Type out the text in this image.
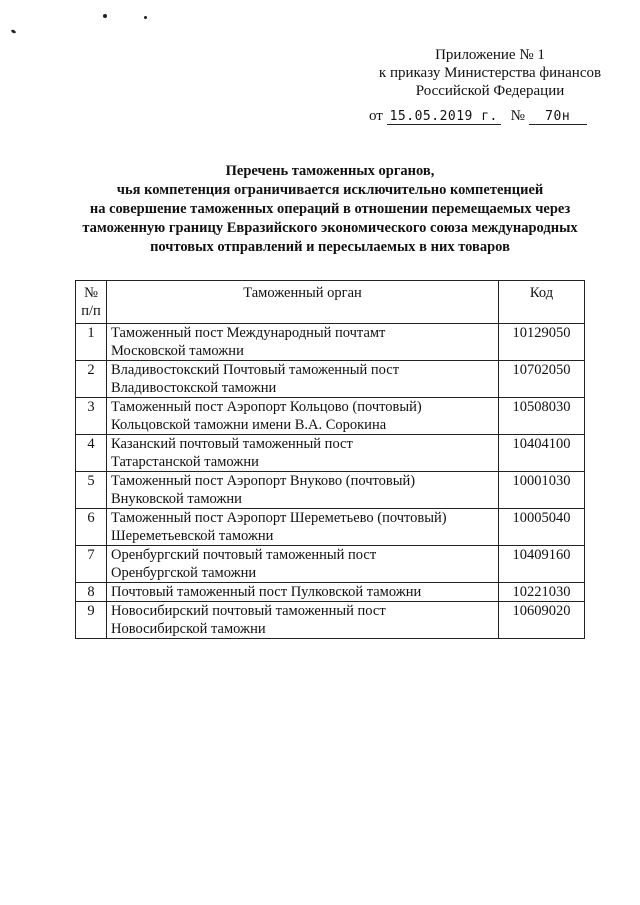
Приложение № 1
к приказу Министерства финансов
Российской Федерации
от 15.05.2019 г. № 70н
Перечень таможенных органов,
чья компетенция ограничивается исключительно компетенцией
на совершение таможенных операций в отношении перемещаемых через
таможенную границу Евразийского экономического союза международных
почтовых отправлений и пересылаемых в них товаров
№
п/п	Таможенный орган	Код
1	Таможенный пост Международный почтамт
Московской таможни	10129050
2	Владивостокский Почтовый таможенный пост
Владивостокской таможни	10702050
3	Таможенный пост Аэропорт Кольцово (почтовый)
Кольцовской таможни имени В.А. Сорокина	10508030
4	Казанский почтовый таможенный пост
Татарстанской таможни	10404100
5	Таможенный пост Аэропорт Внуково (почтовый)
Внуковской таможни	10001030
6	Таможенный пост Аэропорт Шереметьево (почтовый)
Шереметьевской таможни	10005040
7	Оренбургский почтовый таможенный пост
Оренбургской таможни	10409160
8	Почтовый таможенный пост Пулковской таможни	10221030
9	Новосибирский почтовый таможенный пост
Новосибирской таможни	10609020
